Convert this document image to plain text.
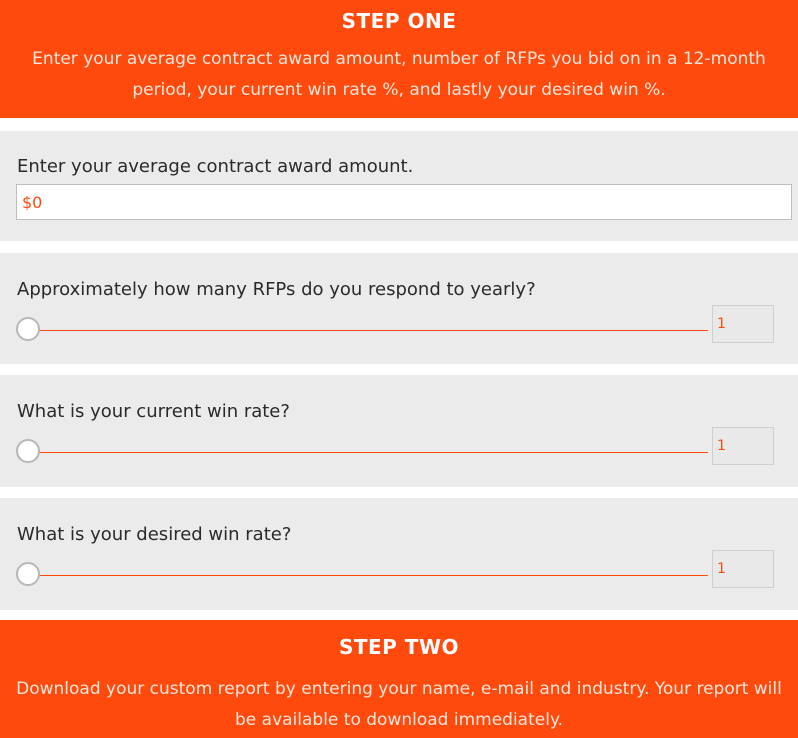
STEP ONE
Enter your average contract award amount, number of RFPs you bid on in a 12-month
period, your current win rate %, and lastly your desired win %.
Enter your average contract award amount.
$0
Approximately how many RFPs do you respond to yearly?
1
What is your current win rate?
1
What is your desired win rate?
1
STEP TWO
Download your custom report by entering your name, e-mail and industry. Your report will
be available to download immediately.
